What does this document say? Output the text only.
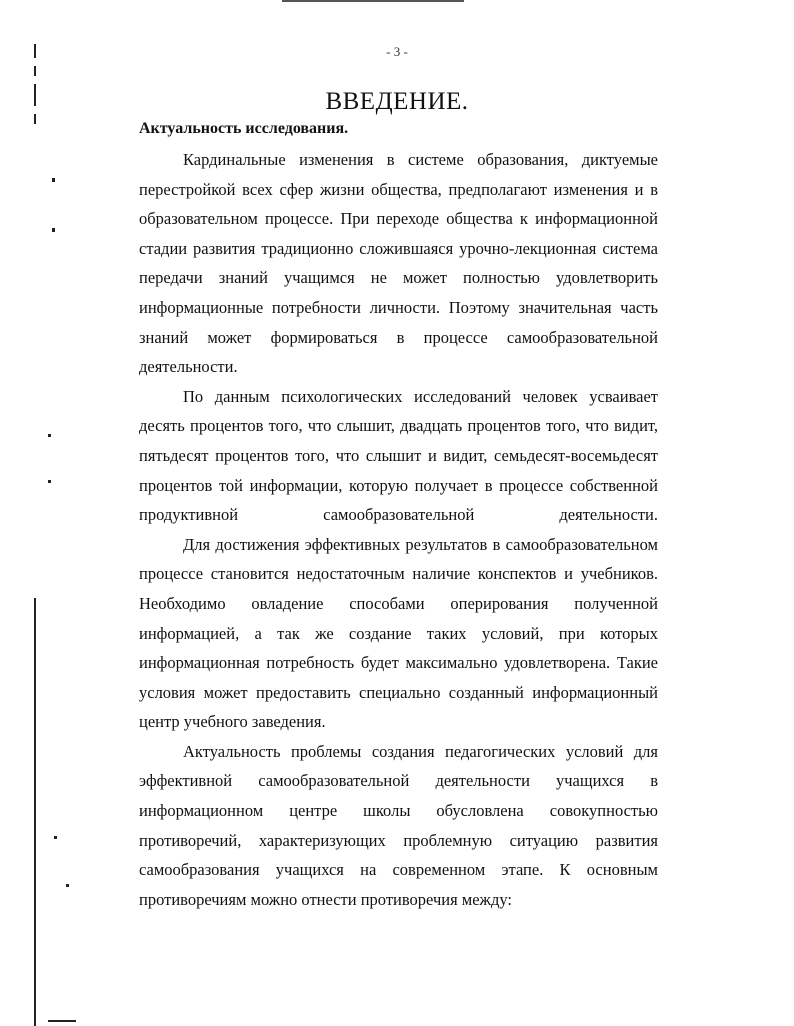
- 3 -
ВВЕДЕНИЕ.
Актуальность исследования.

Кардинальные изменения в системе образования, диктуемые перестройкой всех сфер жизни общества, предполагают изменения и в образовательном процессе. При переходе общества к информационной стадии развития традиционно сложившаяся урочно-лекционная система передачи знаний учащимся не может полностью удовлетворить информационные потребности личности. Поэтому значительная часть знаний может формироваться в процессе самообразовательной деятельности.

По данным психологических исследований человек усваивает десять процентов того, что слышит, двадцать процентов того, что видит, пятьдесят процентов того, что слышит и видит, семьдесят-восемьдесят процентов той информации, которую получает в процессе собственной продуктивной самообразовательной деятельности.

Для достижения эффективных результатов в самообразовательном процессе становится недостаточным наличие конспектов и учебников. Необходимо овладение способами оперирования полученной информацией, а так же создание таких условий, при которых информационная потребность будет максимально удовлетворена. Такие условия может предоставить специально созданный информационный центр учебного заведения.

Актуальность проблемы создания педагогических условий для эффективной самообразовательной деятельности учащихся в информационном центре школы обусловлена совокупностью противоречий, характеризующих проблемную ситуацию развития самообразования учащихся на современном этапе. К основным противоречиям можно отнести противоречия между:
